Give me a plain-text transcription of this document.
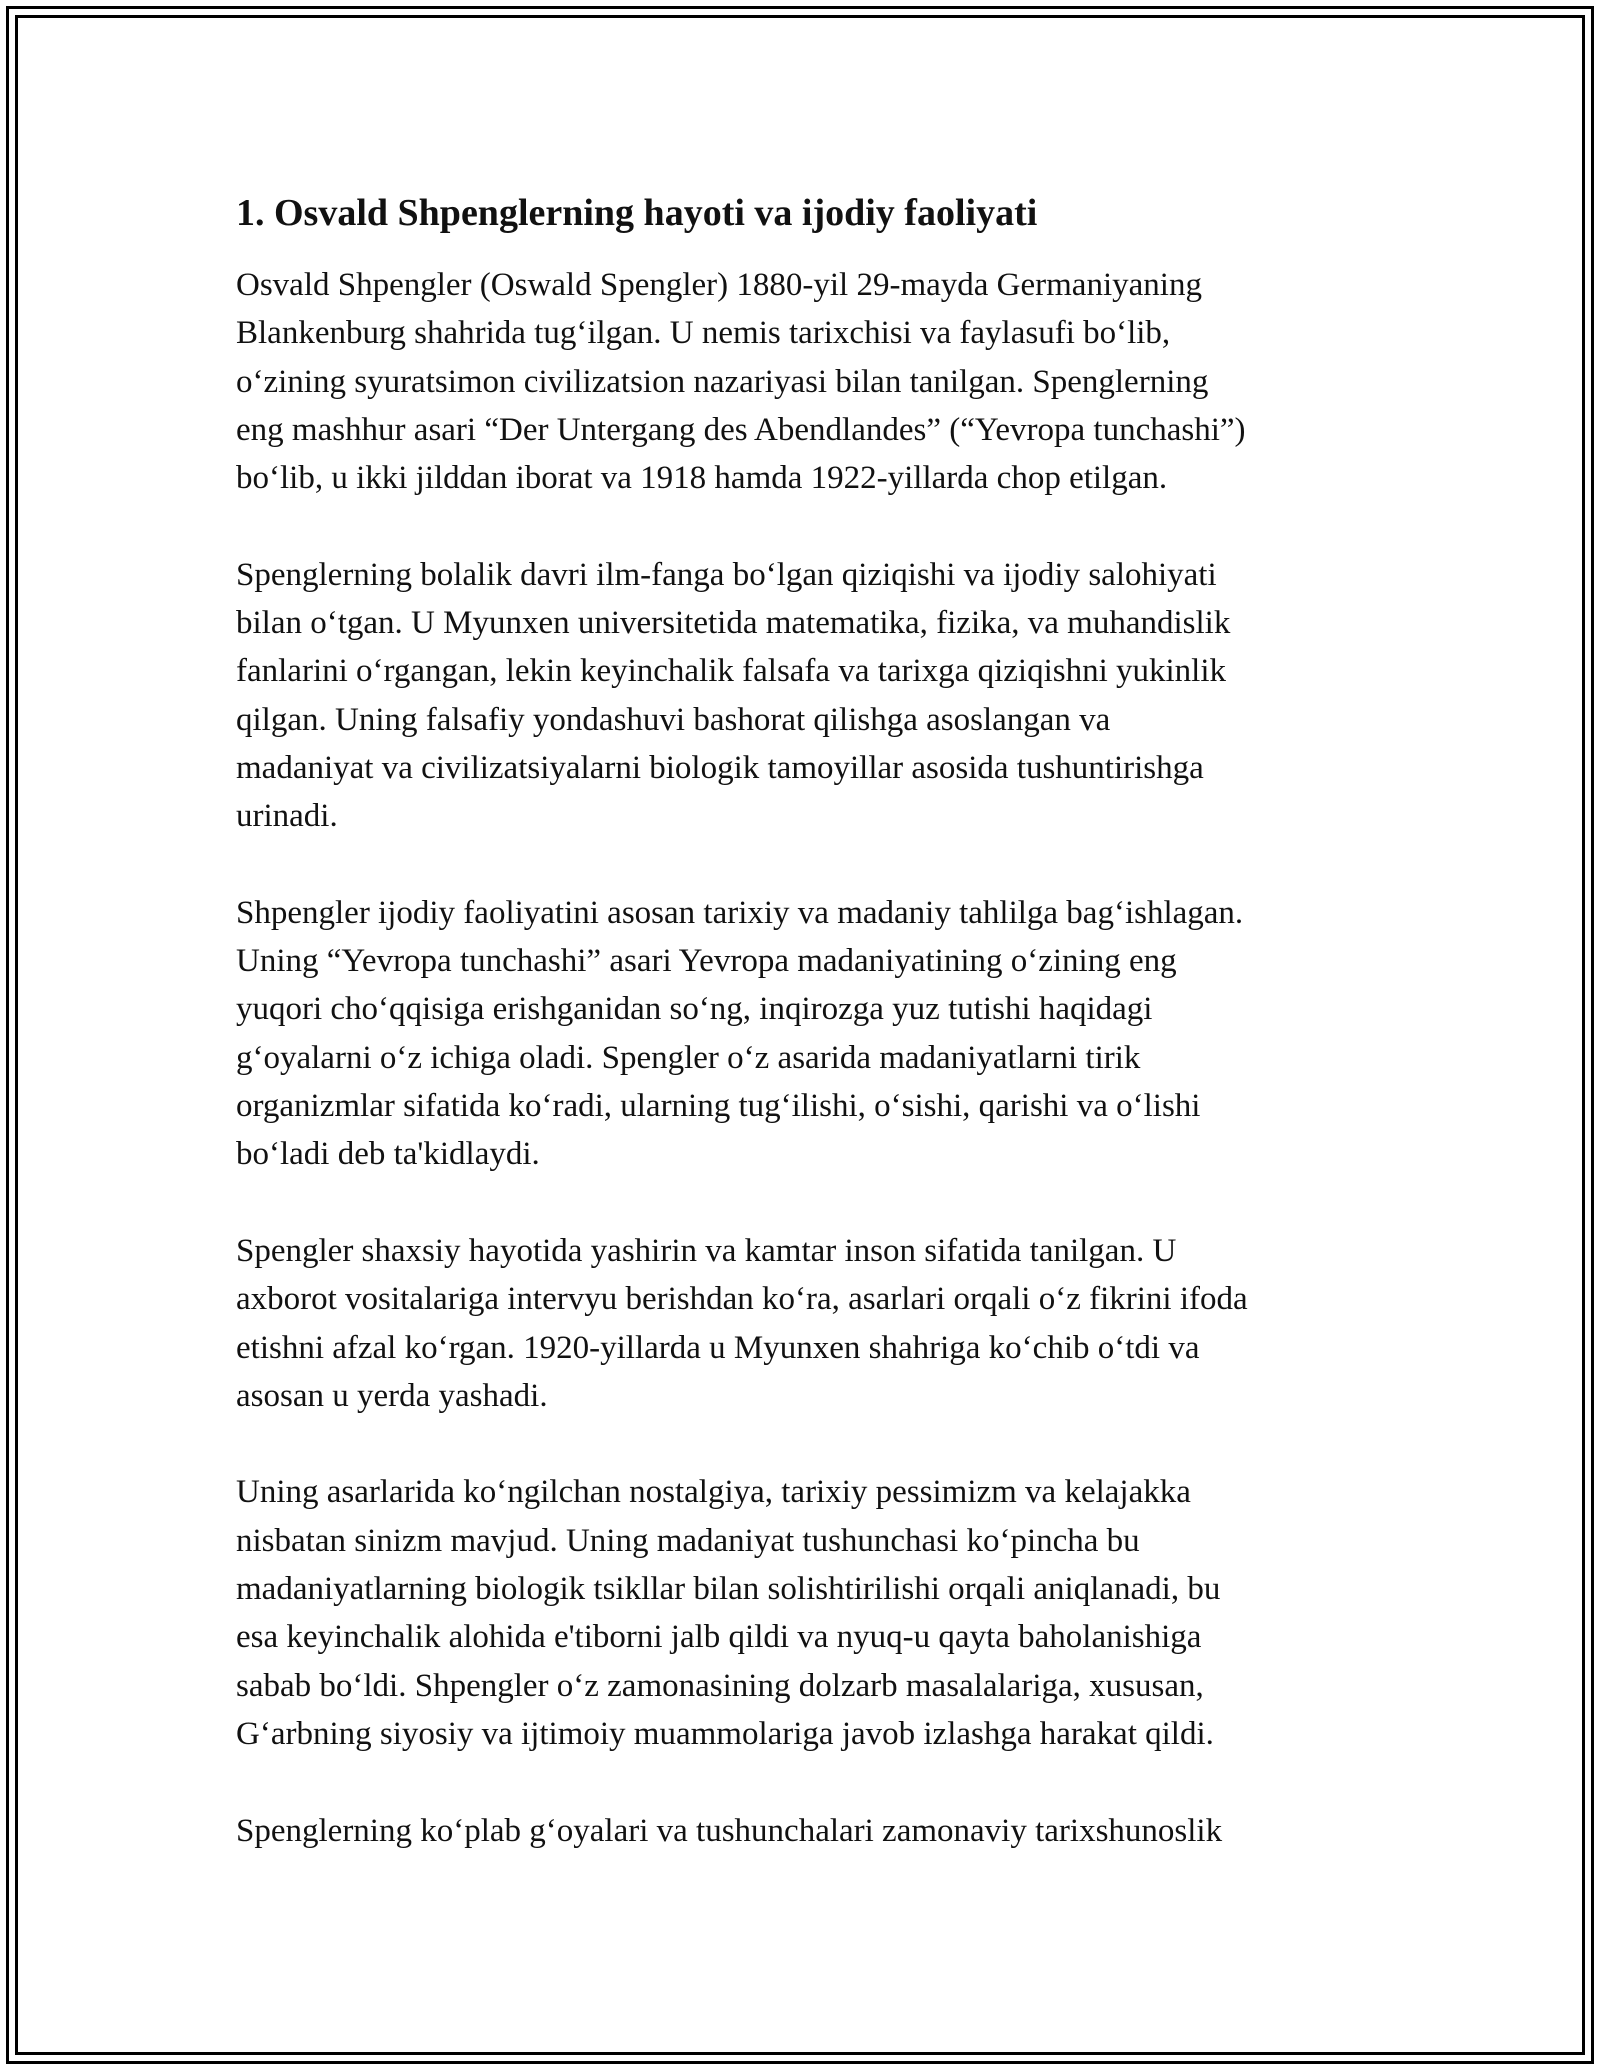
1. Osvald Shpenglerning hayoti va ijodiy faoliyati
Osvald Shpengler (Oswald Spengler) 1880-yil 29-mayda Germaniyaning
Blankenburg shahrida tug‘ilgan. U nemis tarixchisi va faylasufi bo‘lib,
o‘zining syuratsimon civilizatsion nazariyasi bilan tanilgan. Spenglerning
eng mashhur asari “Der Untergang des Abendlandes” (“Yevropa tunchashi”)
bo‘lib, u ikki jilddan iborat va 1918 hamda 1922-yillarda chop etilgan.
Spenglerning bolalik davri ilm-fanga bo‘lgan qiziqishi va ijodiy salohiyati
bilan o‘tgan. U Myunxen universitetida matematika, fizika, va muhandislik
fanlarini o‘rgangan, lekin keyinchalik falsafa va tarixga qiziqishni yukinlik
qilgan. Uning falsafiy yondashuvi bashorat qilishga asoslangan va
madaniyat va civilizatsiyalarni biologik tamoyillar asosida tushuntirishga
urinadi.
Shpengler ijodiy faoliyatini asosan tarixiy va madaniy tahlilga bag‘ishlagan.
Uning “Yevropa tunchashi” asari Yevropa madaniyatining o‘zining eng
yuqori cho‘qqisiga erishganidan so‘ng, inqirozga yuz tutishi haqidagi
g‘oyalarni o‘z ichiga oladi. Spengler o‘z asarida madaniyatlarni tirik
organizmlar sifatida ko‘radi, ularning tug‘ilishi, o‘sishi, qarishi va o‘lishi
bo‘ladi deb ta'kidlaydi.
Spengler shaxsiy hayotida yashirin va kamtar inson sifatida tanilgan. U
axborot vositalariga intervyu berishdan ko‘ra, asarlari orqali o‘z fikrini ifoda
etishni afzal ko‘rgan. 1920-yillarda u Myunxen shahriga ko‘chib o‘tdi va
asosan u yerda yashadi.
Uning asarlarida ko‘ngilchan nostalgiya, tarixiy pessimizm va kelajakka
nisbatan sinizm mavjud. Uning madaniyat tushunchasi ko‘pincha bu
madaniyatlarning biologik tsikllar bilan solishtirilishi orqali aniqlanadi, bu
esa keyinchalik alohida e'tiborni jalb qildi va nyuq-u qayta baholanishiga
sabab bo‘ldi. Shpengler o‘z zamonasining dolzarb masalalariga, xususan,
G‘arbning siyosiy va ijtimoiy muammolariga javob izlashga harakat qildi.
Spenglerning ko‘plab g‘oyalari va tushunchalari zamonaviy tarixshunoslik
